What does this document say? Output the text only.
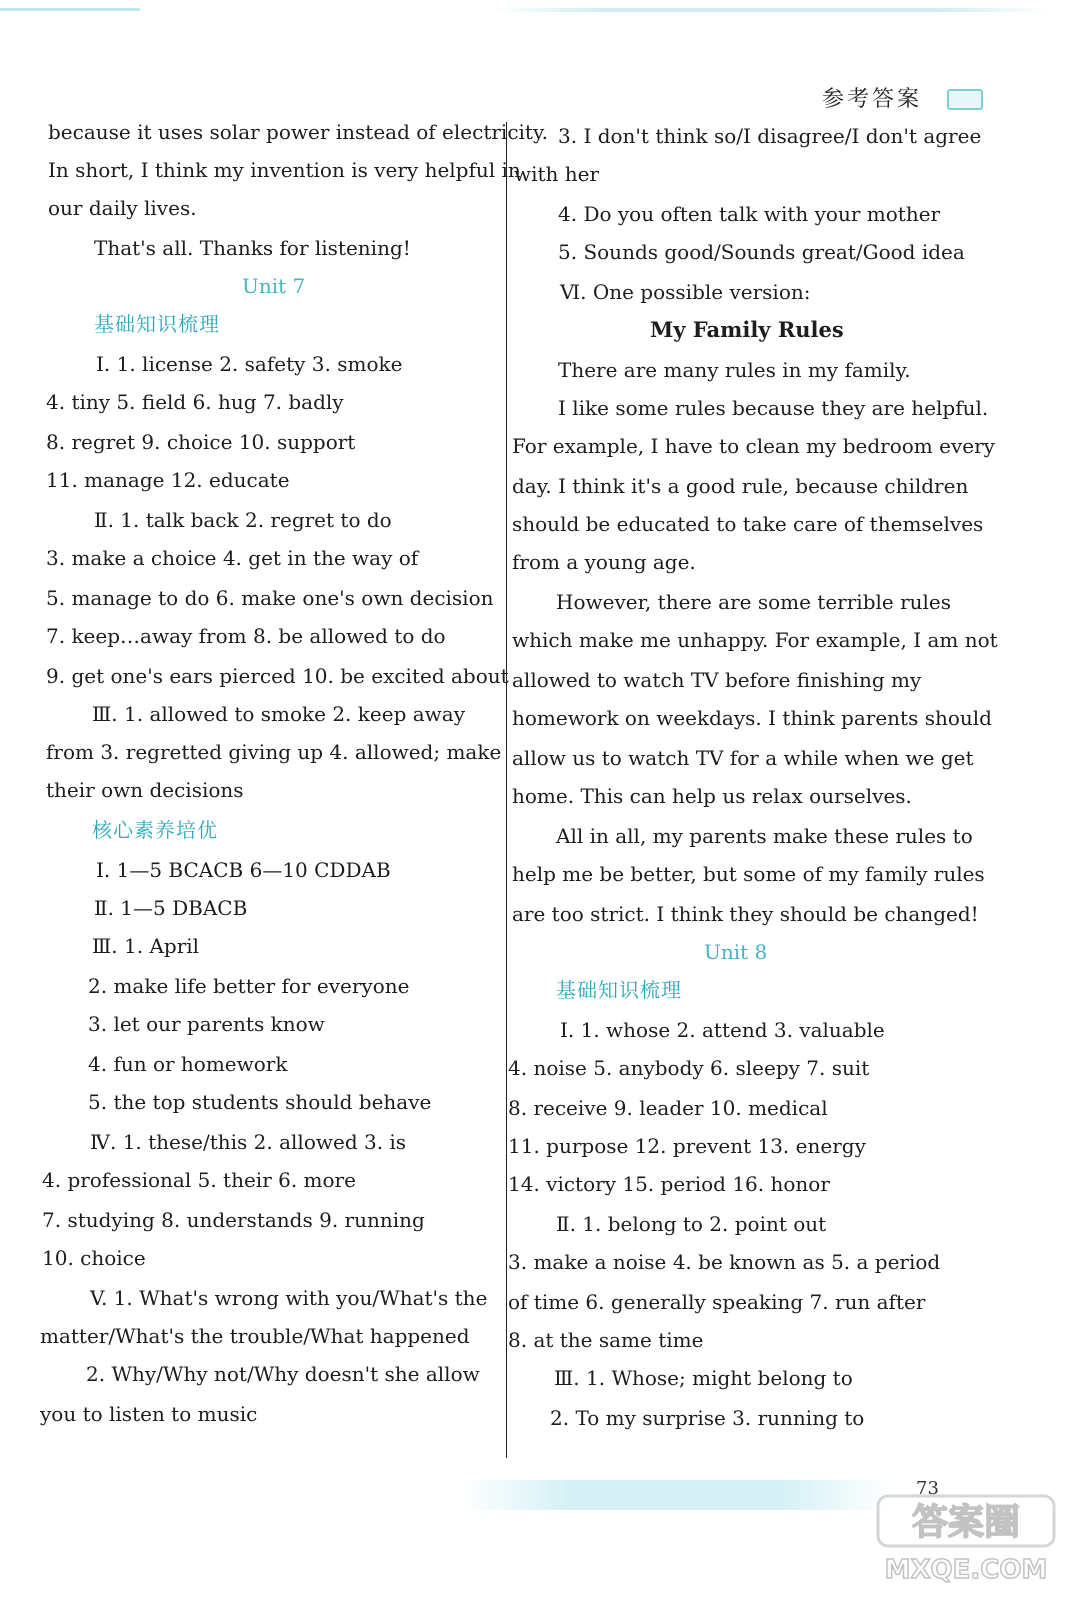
参考答案
because it uses solar power instead of electricity.
In short, I think my invention is very helpful in
our daily lives.
That's all. Thanks for listening!
Unit 7
基础知识梳理
Ⅰ. 1. license 2. safety 3. smoke
4. tiny 5. field 6. hug 7. badly
8. regret 9. choice 10. support
11. manage 12. educate
Ⅱ. 1. talk back 2. regret to do
3. make a choice 4. get in the way of
5. manage to do 6. make one's own decision
7. keep…away from 8. be allowed to do
9. get one's ears pierced 10. be excited about
Ⅲ. 1. allowed to smoke 2. keep away
from 3. regretted giving up 4. allowed; make
their own decisions
核心素养培优
Ⅰ. 1—5 BCACB 6—10 CDDAB
Ⅱ. 1—5 DBACB
Ⅲ. 1. April
2. make life better for everyone
3. let our parents know
4. fun or homework
5. the top students should behave
Ⅳ. 1. these/this 2. allowed 3. is
4. professional 5. their 6. more
7. studying 8. understands 9. running
10. choice
V. 1. What's wrong with you/What's the
matter/What's the trouble/What happened
2. Why/Why not/Why doesn't she allow
you to listen to music
3. I don't think so/I disagree/I don't agree
with her
4. Do you often talk with your mother
5. Sounds good/Sounds great/Good idea
Ⅵ. One possible version:
My Family Rules
There are many rules in my family.
I like some rules because they are helpful.
For example, I have to clean my bedroom every
day. I think it's a good rule, because children
should be educated to take care of themselves
from a young age.
However, there are some terrible rules
which make me unhappy. For example, I am not
allowed to watch TV before finishing my
homework on weekdays. I think parents should
allow us to watch TV for a while when we get
home. This can help us relax ourselves.
All in all, my parents make these rules to
help me be better, but some of my family rules
are too strict. I think they should be changed!
Unit 8
基础知识梳理
Ⅰ. 1. whose 2. attend 3. valuable
4. noise 5. anybody 6. sleepy 7. suit
8. receive 9. leader 10. medical
11. purpose 12. prevent 13. energy
14. victory 15. period 16. honor
Ⅱ. 1. belong to 2. point out
3. make a noise 4. be known as 5. a period
of time 6. generally speaking 7. run after
8. at the same time
Ⅲ. 1. Whose; might belong to
2. To my surprise 3. running to
73
答案圈
MXQE.COM
